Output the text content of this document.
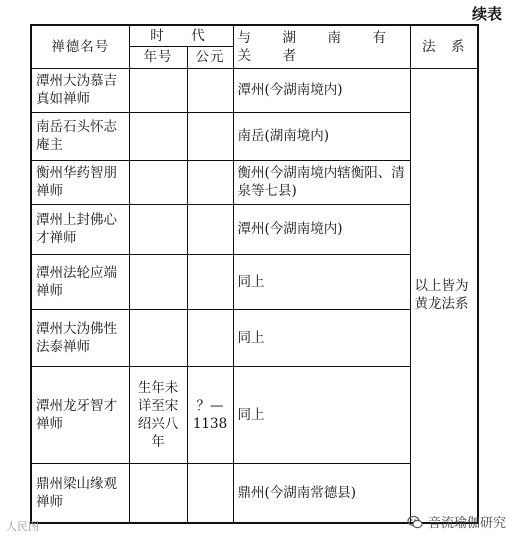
续表
禅德名号	时　代		与　湖　南　有　关　者	法　系
	年号	公元		
潭州大沩慕吉真如禅师			潭州(今湖南境内)	以上皆为黄龙法系
南岳石头怀志庵主			南岳(湖南境内)	
衡州华药智朋禅师			衡州(今湖南境内辖衡阳、清泉等七县)	
潭州上封佛心才禅师			潭州(今湖南境内)	
潭州法轮应端禅师			同上	
潭州大沩佛性法泰禅师			同上	
潭州龙牙智才禅师	生年未详至宋绍兴八年	？—1138	同上	
鼎州梁山缘观禅师			鼎州(今湖南常德县)	
人民图	音流瑜伽研究
